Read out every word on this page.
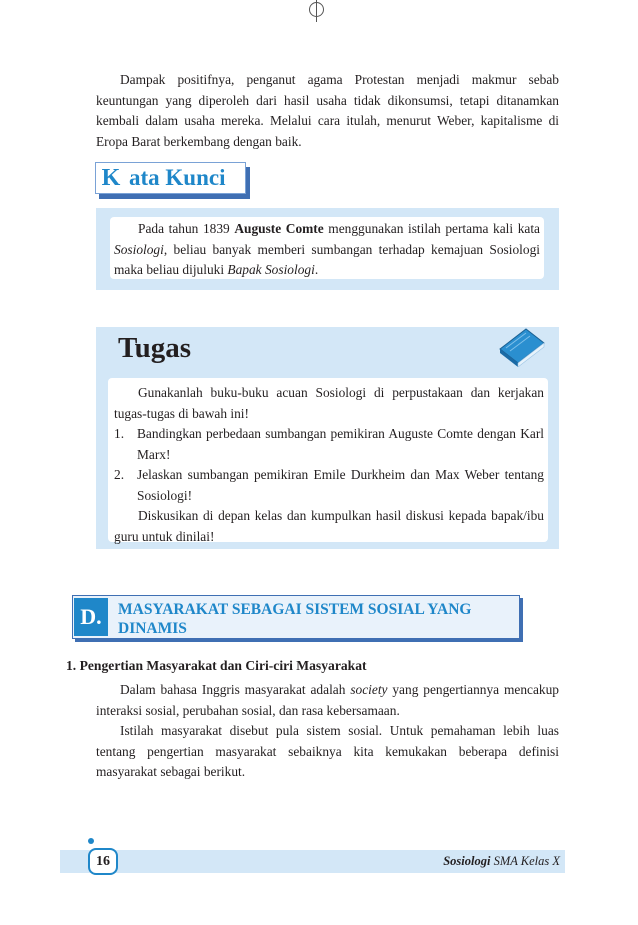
Dampak positifnya, penganut agama Protestan menjadi makmur sebab keuntungan yang diperoleh dari hasil usaha tidak dikonsumsi, tetapi ditanamkan kembali dalam usaha mereka. Melalui cara itulah, menurut Weber, kapitalisme di Eropa Barat berkembang dengan baik.

K ata Kunci

Pada tahun 1839 Auguste Comte menggunakan istilah pertama kali kata Sosiologi, beliau banyak memberi sumbangan terhadap kemajuan Sosiologi maka beliau dijuluki Bapak Sosiologi.

Tugas

Gunakanlah buku-buku acuan Sosiologi di perpustakaan dan kerjakan tugas-tugas di bawah ini!

1. Bandingkan perbedaan sumbangan pemikiran Auguste Comte dengan Karl Marx!
2. Jelaskan sumbangan pemikiran Emile Durkheim dan Max Weber tentang Sosiologi!

Diskusikan di depan kelas dan kumpulkan hasil diskusi kepada bapak/ibu guru untuk dinilai!

D.	MASYARAKAT SEBAGAI SISTEM SOSIAL YANG DINAMIS
1. Pengertian Masyarakat dan Ciri-ciri Masyarakat

Dalam bahasa Inggris masyarakat adalah society yang pengertiannya mencakup interaksi sosial, perubahan sosial, dan rasa kebersamaan.

Istilah masyarakat disebut pula sistem sosial. Untuk pemahaman lebih luas tentang pengertian masyarakat sebaiknya kita kemukakan beberapa definisi masyarakat sebagai berikut.

16	Sosiologi SMA Kelas X
